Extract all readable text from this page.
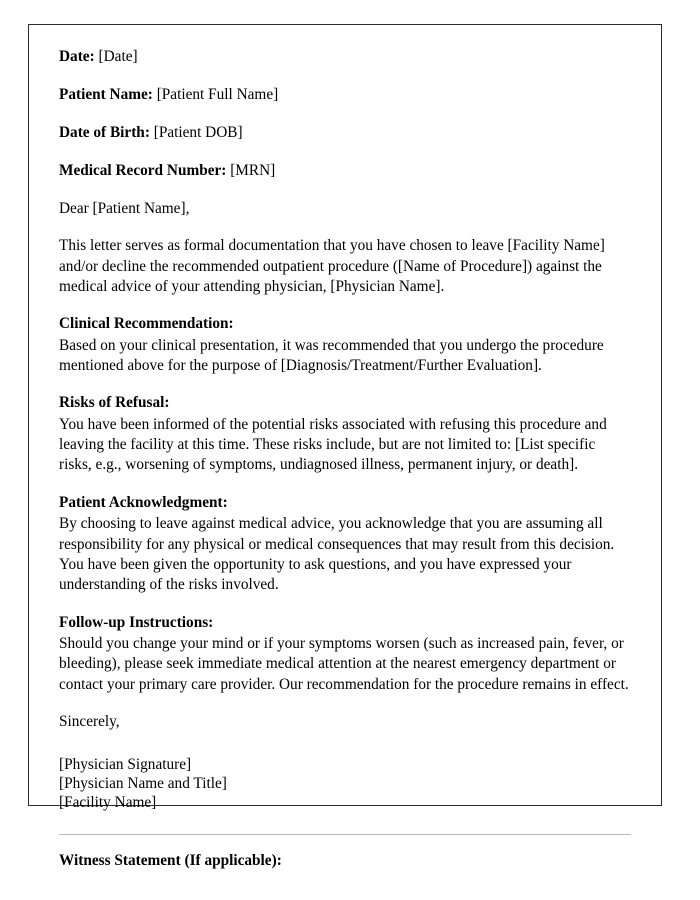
Date: [Date]

Patient Name: [Patient Full Name]

Date of Birth: [Patient DOB]

Medical Record Number: [MRN]

Dear [Patient Name],

This letter serves as formal documentation that you have chosen to leave [Facility Name] and/or decline the recommended outpatient procedure ([Name of Procedure]) against the medical advice of your attending physician, [Physician Name].

Clinical Recommendation:

Based on your clinical presentation, it was recommended that you undergo the procedure mentioned above for the purpose of [Diagnosis/Treatment/Further Evaluation].

Risks of Refusal:

You have been informed of the potential risks associated with refusing this procedure and leaving the facility at this time. These risks include, but are not limited to: [List specific risks, e.g., worsening of symptoms, undiagnosed illness, permanent injury, or death].

Patient Acknowledgment:

By choosing to leave against medical advice, you acknowledge that you are assuming all responsibility for any physical or medical consequences that may result from this decision. You have been given the opportunity to ask questions, and you have expressed your understanding of the risks involved.

Follow-up Instructions:

Should you change your mind or if your symptoms worsen (such as increased pain, fever, or bleeding), please seek immediate medical attention at the nearest emergency department or contact your primary care provider. Our recommendation for the procedure remains in effect.

Sincerely,

[Physician Signature]
[Physician Name and Title]
[Facility Name]

Witness Statement (If applicable):
